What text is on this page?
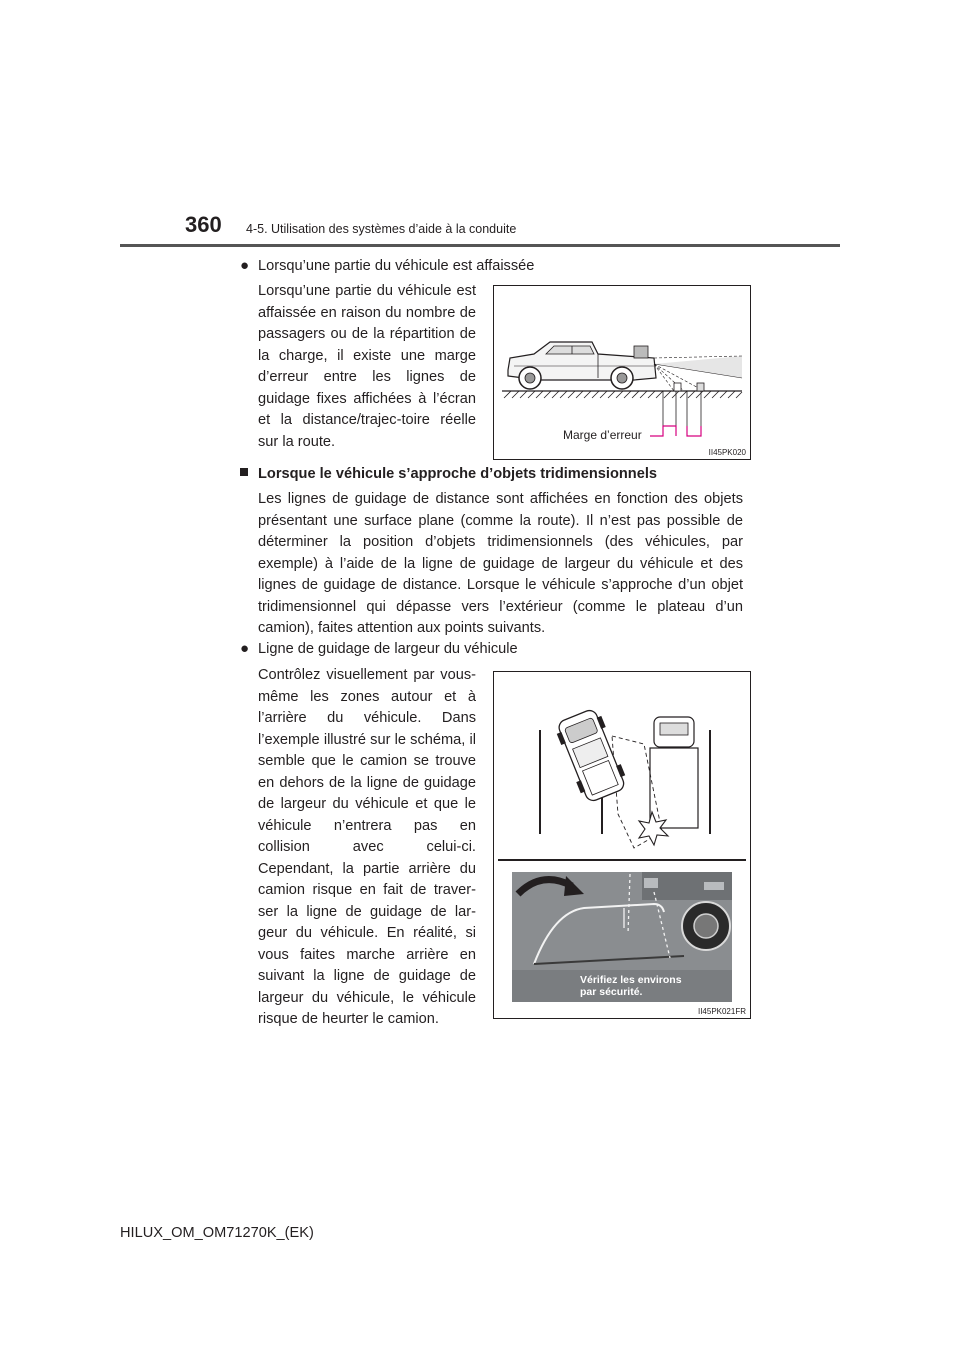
360 4-5. Utilisation des systèmes d’aide à la conduite
● Lorsqu’une partie du véhicule est affaissée
Lorsqu’une partie du véhicule est affaissée en raison du nombre de passagers ou de la répartition de la charge, il existe une marge d’erreur entre les lignes de guidage fixes affichées à l’écran et la distance/trajec-toire réelle sur la route.	Marge d’erreur
II45PK020
Lorsque le véhicule s’approche d’objets tridimensionnels
Les lignes de guidage de distance sont affichées en fonction des objets présentant une surface plane (comme la route). Il n’est pas possible de déterminer la position d’objets tridimensionnels (des véhicules, par exemple) à l’aide de la ligne de guidage de largeur du véhicule et des lignes de guidage de distance. Lorsque le véhicule s’approche d’un objet tridimensionnel qui dépasse vers l’extérieur (comme le plateau d’un camion), faites attention aux points suivants.
● Ligne de guidage de largeur du véhicule
Contrôlez visuellement par vous-même les zones autour et à l’arrière du véhicule. Dans l’exemple illustré sur le schéma, il semble que le camion se trouve en dehors de la ligne de guidage de largeur du véhicule et que le véhicule n’entrera pas en collision avec celui-ci. Cependant, la partie arrière du camion risque en fait de traver-ser la ligne de guidage de lar-geur du véhicule. En réalité, si vous faites marche arrière en suivant la ligne de guidage de largeur du véhicule, le véhicule risque de heurter le camion.
Vérifiez les environs
par sécurité.
II45PK021FR
HILUX_OM_OM71270K_(EK)
